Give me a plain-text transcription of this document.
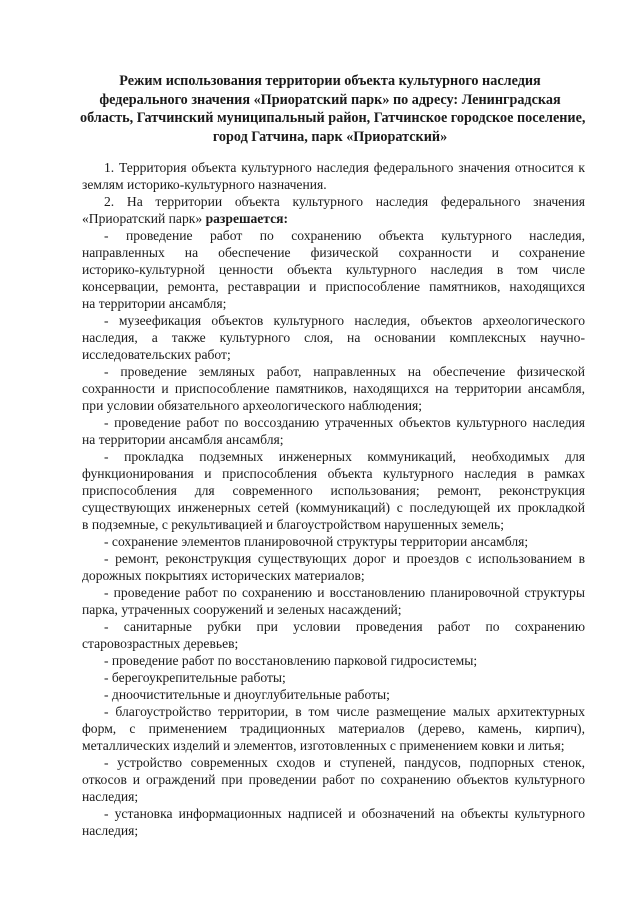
Режим использования территории объекта культурного наследия
федерального значения «Приоратский парк» по адресу: Ленинградская
область, Гатчинский муниципальный район, Гатчинское городское поселение,
город Гатчина, парк «Приоратский»
1. Территория объекта культурного наследия федерального значения относится к
землям историко-культурного назначения.
2. На территории объекта культурного наследия федерального значения
«Приоратский парк» разрешается:
- проведение работ по сохранению объекта культурного наследия,
направленных на обеспечение физической сохранности и сохранение
историко-культурной ценности объекта культурного наследия в том числе
консервации, ремонта, реставрации и приспособление памятников, находящихся
на территории ансамбля;
- музеефикация объектов культурного наследия, объектов археологического
наследия, а также культурного слоя, на основании комплексных научно-
исследовательских работ;
- проведение земляных работ, направленных на обеспечение физической
сохранности и приспособление памятников, находящихся на территории ансамбля,
при условии обязательного археологического наблюдения;
- проведение работ по воссозданию утраченных объектов культурного наследия
на территории ансамбля ансамбля;
- прокладка подземных инженерных коммуникаций, необходимых для
функционирования и приспособления объекта культурного наследия в рамках
приспособления для современного использования; ремонт, реконструкция
существующих инженерных сетей (коммуникаций) с последующей их прокладкой
в подземные, с рекультивацией и благоустройством нарушенных земель;
- сохранение элементов планировочной структуры территории ансамбля;
- ремонт, реконструкция существующих дорог и проездов с использованием в
дорожных покрытиях исторических материалов;
- проведение работ по сохранению и восстановлению планировочной структуры
парка, утраченных сооружений и зеленых насаждений;
- санитарные рубки при условии проведения работ по сохранению
старовозрастных деревьев;
- проведение работ по восстановлению парковой гидросистемы;
- берегоукрепительные работы;
- дноочистительные и дноуглубительные работы;
- благоустройство территории, в том числе размещение малых архитектурных
форм, с применением традиционных материалов (дерево, камень, кирпич),
металлических изделий и элементов, изготовленных с применением ковки и литья;
- устройство современных сходов и ступеней, пандусов, подпорных стенок,
откосов и ограждений при проведении работ по сохранению объектов культурного
наследия;
- установка информационных надписей и обозначений на объекты культурного
наследия;
